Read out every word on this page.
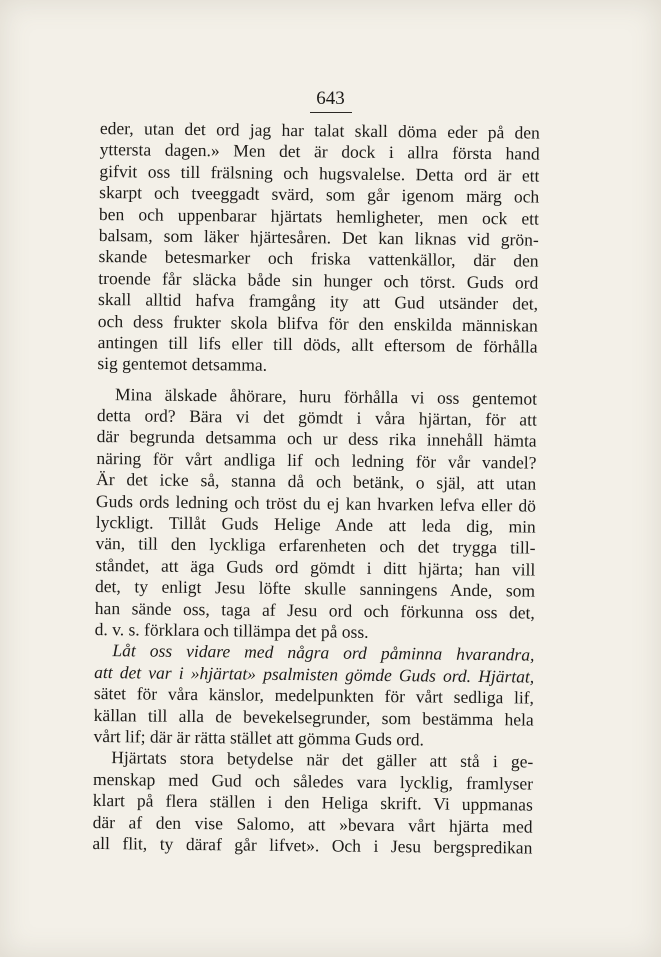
643
eder, utan det ord jag har talat skall döma eder på den
yttersta dagen.» Men det är dock i allra första hand
gifvit oss till frälsning och hugsvalelse. Detta ord är ett
skarpt och tveeggadt svärd, som går igenom märg och
ben och uppenbarar hjärtats hemligheter, men ock ett
balsam, som läker hjärtesåren. Det kan liknas vid grön-
skande betesmarker och friska vattenkällor, där den
troende får släcka både sin hunger och törst. Guds ord
skall alltid hafva framgång ity att Gud utsänder det,
och dess frukter skola blifva för den enskilda människan
antingen till lifs eller till döds, allt eftersom de förhålla
sig gentemot detsamma.
Mina älskade åhörare, huru förhålla vi oss gentemot
detta ord? Bära vi det gömdt i våra hjärtan, för att
där begrunda detsamma och ur dess rika innehåll hämta
näring för vårt andliga lif och ledning för vår vandel?
Är det icke så, stanna då och betänk, o själ, att utan
Guds ords ledning och tröst du ej kan hvarken lefva eller dö
lyckligt. Tillåt Guds Helige Ande att leda dig, min
vän, till den lyckliga erfarenheten och det trygga till-
ståndet, att äga Guds ord gömdt i ditt hjärta; han vill
det, ty enligt Jesu löfte skulle sanningens Ande, som
han sände oss, taga af Jesu ord och förkunna oss det,
d. v. s. förklara och tillämpa det på oss.
Låt oss vidare med några ord påminna hvarandra,
att det var i »hjärtat» psalmisten gömde Guds ord. Hjärtat,
sätet för våra känslor, medelpunkten för vårt sedliga lif,
källan till alla de bevekelsegrunder, som bestämma hela
vårt lif; där är rätta stället att gömma Guds ord.
Hjärtats stora betydelse när det gäller att stå i ge-
menskap med Gud och således vara lycklig, framlyser
klart på flera ställen i den Heliga skrift. Vi uppmanas
där af den vise Salomo, att »bevara vårt hjärta med
all flit, ty däraf går lifvet». Och i Jesu bergspredikan
